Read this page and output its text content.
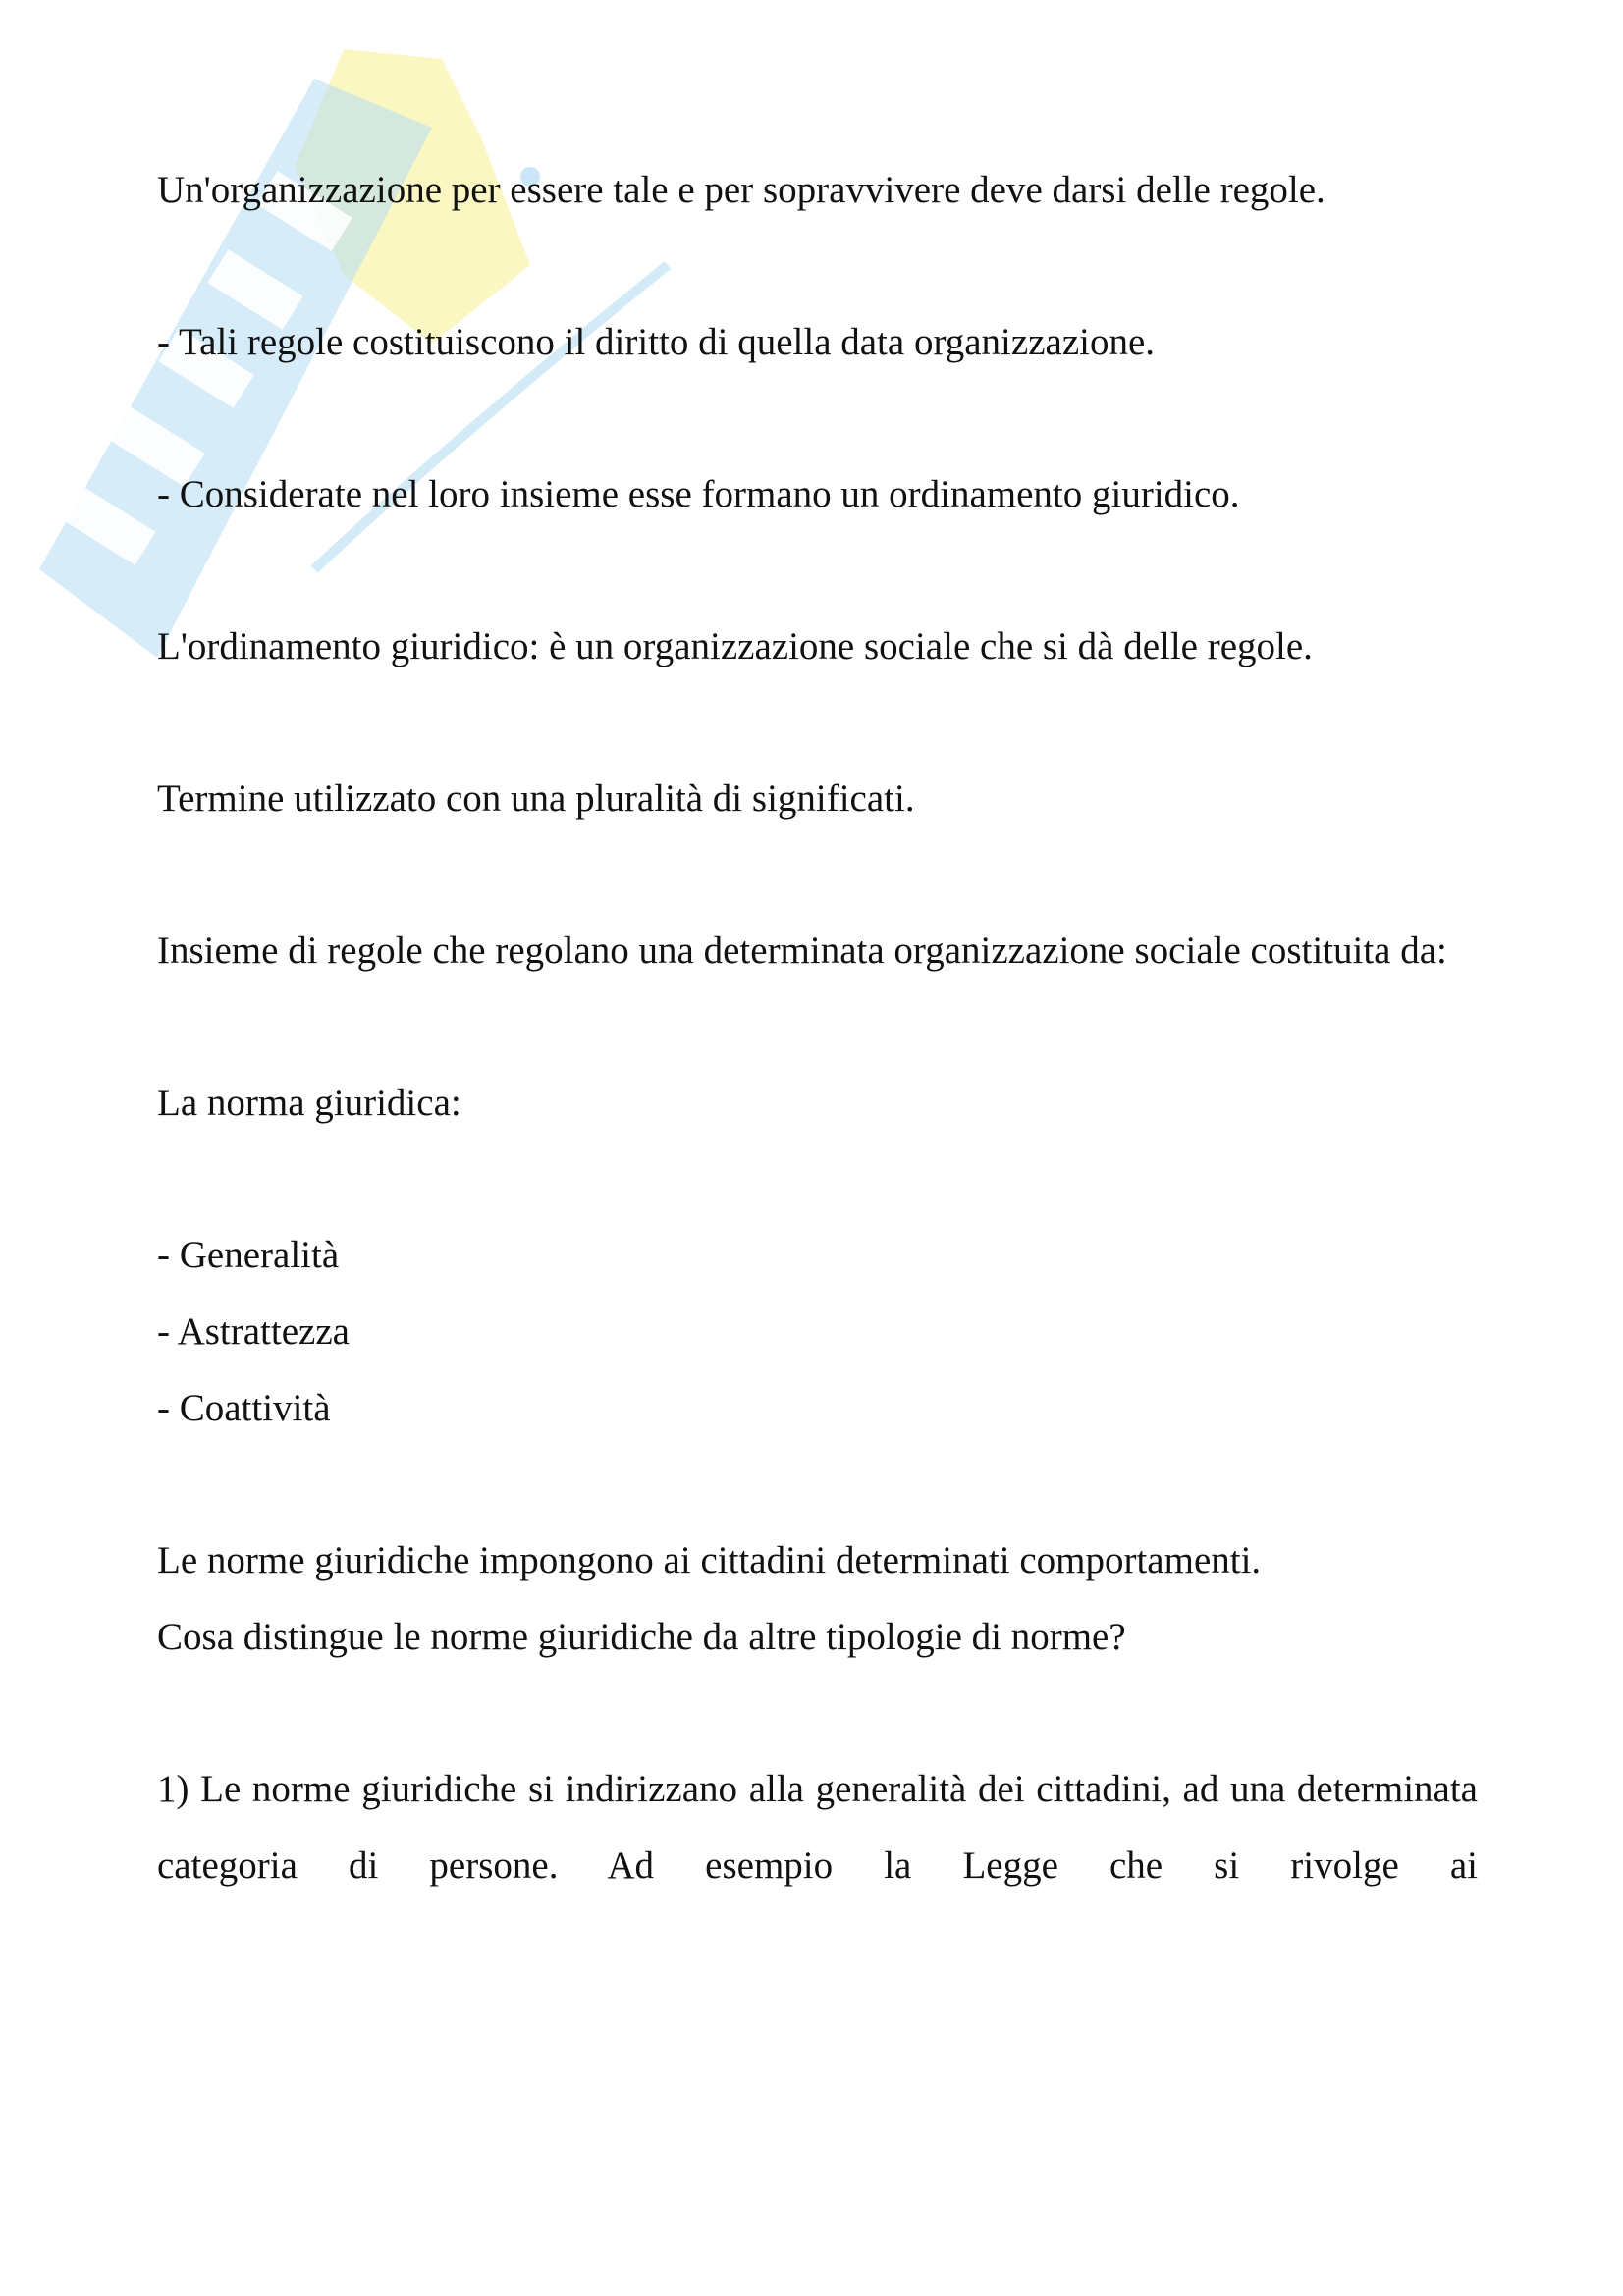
Un'organizzazione per essere tale e per sopravvivere deve darsi delle regole.

- Tali regole costituiscono il diritto di quella data organizzazione.

- Considerate nel loro insieme esse formano un ordinamento giuridico.

L'ordinamento giuridico: è un organizzazione sociale che si dà delle regole.

Termine utilizzato con una pluralità di significati.

Insieme di regole che regolano una determinata organizzazione sociale costituita da:

La norma giuridica:

- Generalità
- Astrattezza
- Coattività
Le norme giuridiche impongono ai cittadini determinati comportamenti.
Cosa distingue le norme giuridiche da altre tipologie di norme?

1) Le norme giuridiche si indirizzano alla generalità dei cittadini, ad una determinata categoria di persone. Ad esempio la Legge che si rivolge ai
